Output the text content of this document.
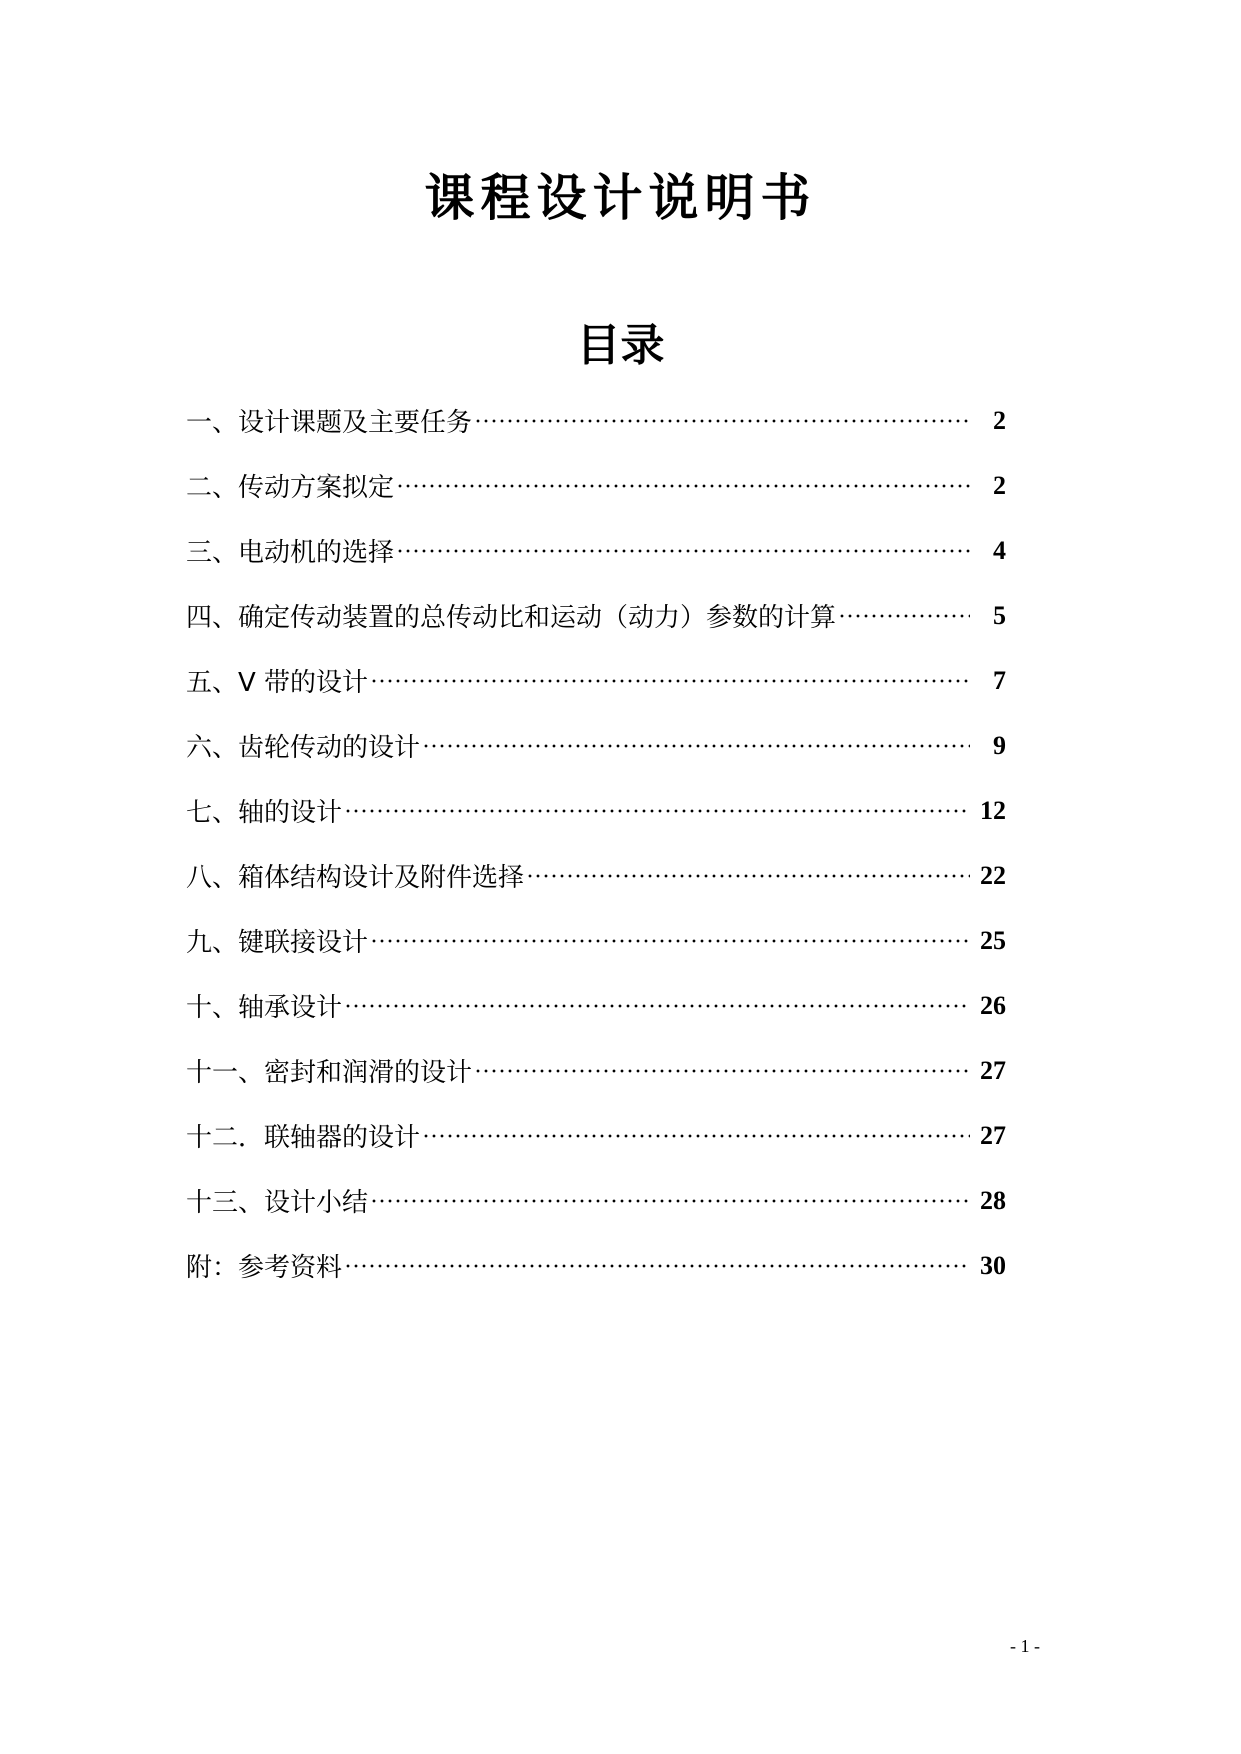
课程设计说明书
目录
一、设计课题及主要任务	2
二、传动方案拟定	2
三、电动机的选择	4
四、确定传动装置的总传动比和运动（动力）参数的计算	5
五、V 带的设计	7
六、齿轮传动的设计	9
七、轴的设计	12
八、箱体结构设计及附件选择	22
九、键联接设计	25
十、轴承设计	26
十一、密封和润滑的设计	27
十二．联轴器的设计	27
十三、设计小结	28
附：参考资料	30
- 1 -
